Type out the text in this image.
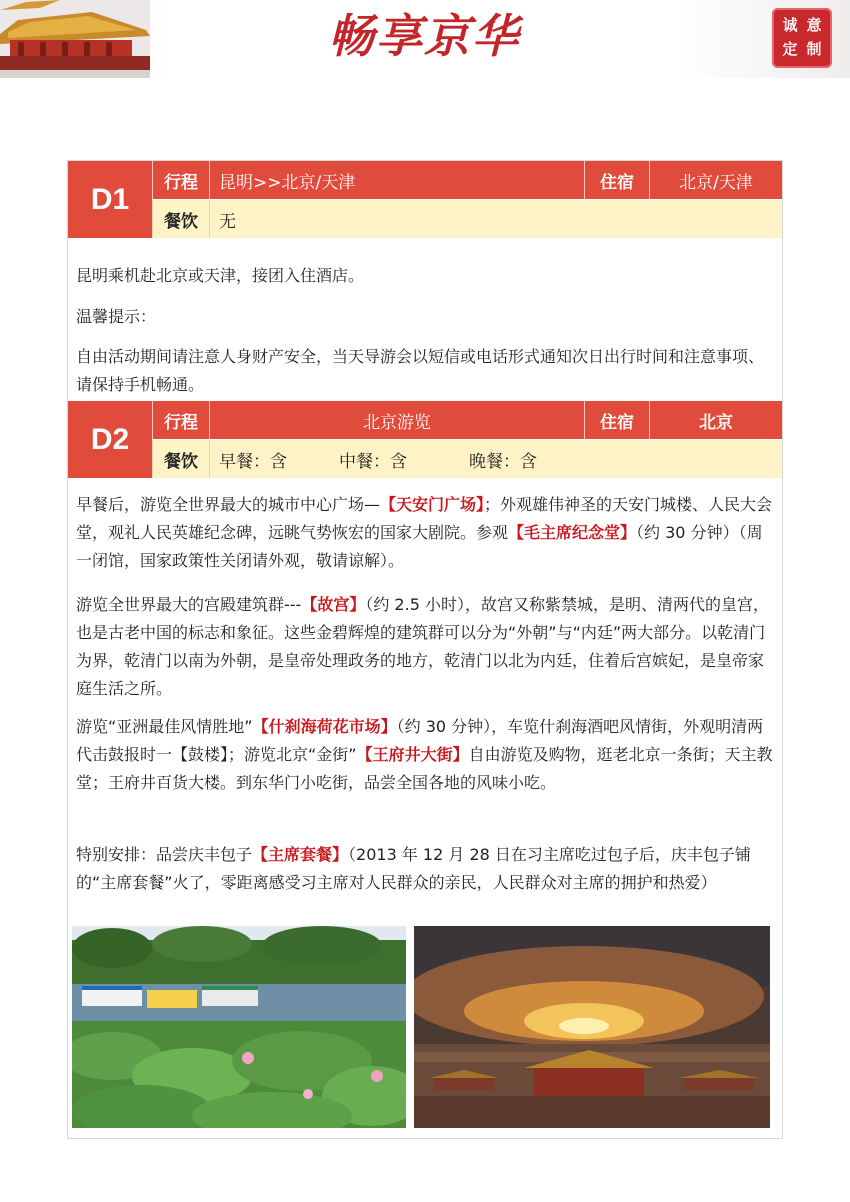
畅享京华	诚 意
定 制
D1	行程	昆明>>北京/天津	住宿	北京/天津
餐饮	无

昆明乘机赴北京或天津，接团入住酒店。

温馨提示：

自由活动期间请注意人身财产安全，当天导游会以短信或电话形式通知次日出行时间和注意事项、请保持手机畅通。

D2	行程	北京游览	住宿	北京
餐饮	早餐：含	中餐：含	晚餐：含

早餐后，游览全世界最大的城市中心广场—【天安门广场】；外观雄伟神圣的天安门城楼、人民大会堂，观礼人民英雄纪念碑，远眺气势恢宏的国家大剧院。参观【毛主席纪念堂】（约 30 分钟）（周一闭馆，国家政策性关闭请外观，敬请谅解）。

游览全世界最大的宫殿建筑群---【故宫】（约 2.5 小时），故宫又称紫禁城，是明、清两代的皇宫，也是古老中国的标志和象征。这些金碧辉煌的建筑群可以分为“外朝”与“内廷”两大部分。以乾清门为界，乾清门以南为外朝，是皇帝处理政务的地方，乾清门以北为内廷，住着后宫嫔妃，是皇帝家庭生活之所。

游览“亚洲最佳风情胜地”【什刹海荷花市场】（约 30 分钟），车览什刹海酒吧风情街，外观明清两代击鼓报时一【鼓楼】；游览北京“金街”【王府井大街】自由游览及购物，逛老北京一条街；天主教堂；王府井百货大楼。到东华门小吃街，品尝全国各地的风味小吃。

特别安排：品尝庆丰包子【主席套餐】（2013 年 12 月 28 日在习主席吃过包子后，庆丰包子铺的“主席套餐”火了，零距离感受习主席对人民群众的亲民，人民群众对主席的拥护和热爱）
